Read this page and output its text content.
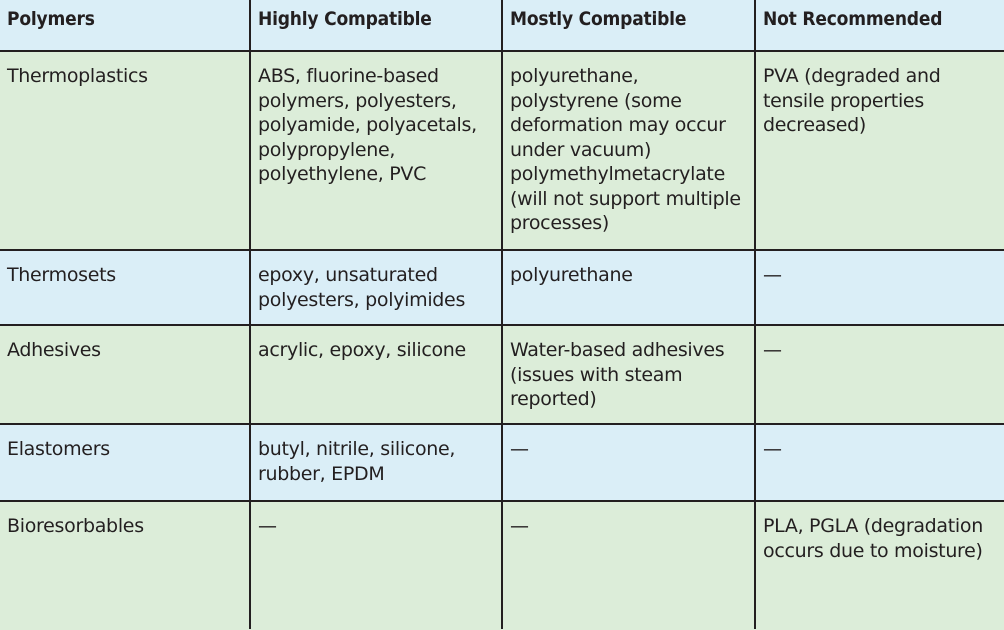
Polymers	Highly Compatible	Mostly Compatible	Not Recommended
Thermoplastics	ABS, fluorine-based polymers, polyesters, polyamide, polyacetals, polypropylene, polyethylene, PVC	polyurethane, polystyrene (some deformation may occur under vacuum) polymethylmetacrylate (will not support multiple processes)	PVA (degraded and tensile properties decreased)
Thermosets	epoxy, unsaturated polyesters, polyimides	polyurethane	—
Adhesives	acrylic, epoxy, silicone	Water-based adhesives (issues with steam reported)	—
Elastomers	butyl, nitrile, silicone, rubber, EPDM	—	—
Bioresorbables	—	—	PLA, PGLA (degradation occurs due to moisture)
